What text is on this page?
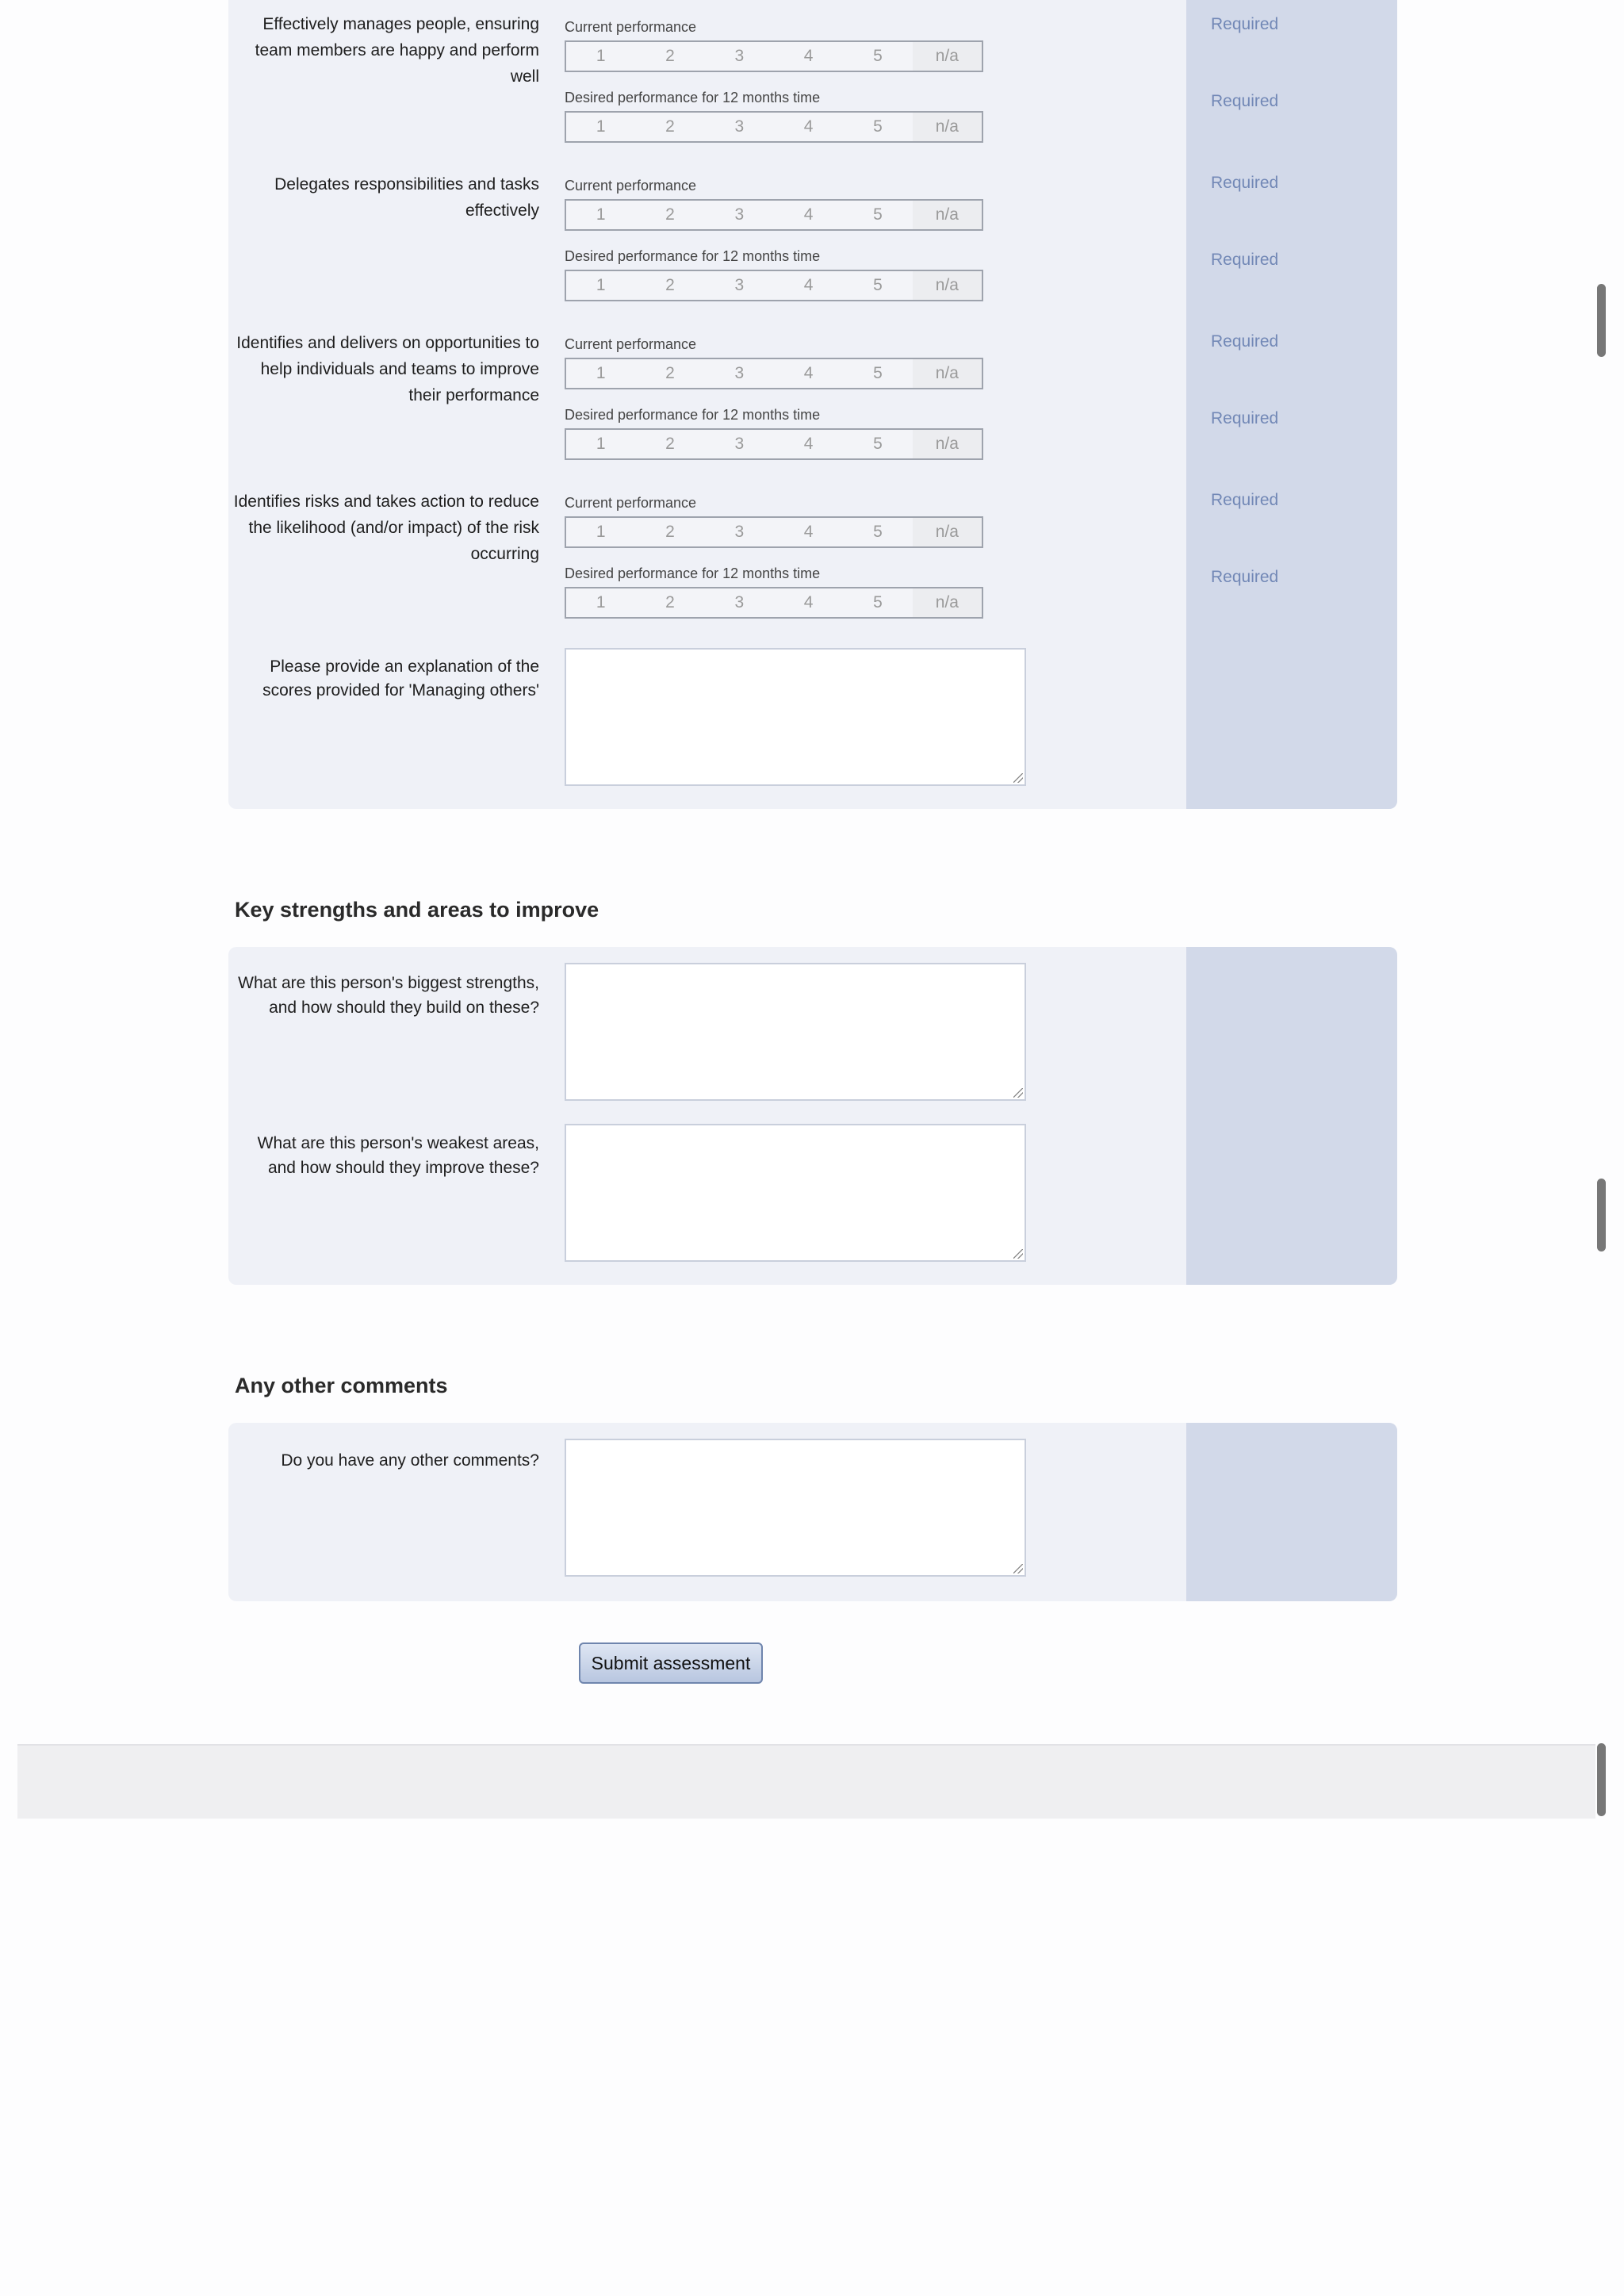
Effectively manages people, ensuring team members are happy and perform well
Current performance
1	2	3	4	5	n/a
Desired performance for 12 months time
1	2	3	4	5	n/a
Required
Required
Delegates responsibilities and tasks effectively
Current performance
1	2	3	4	5	n/a
Desired performance for 12 months time
1	2	3	4	5	n/a
Required
Required
Identifies and delivers on opportunities to help individuals and teams to improve their performance
Current performance
1	2	3	4	5	n/a
Desired performance for 12 months time
1	2	3	4	5	n/a
Required
Required
Identifies risks and takes action to reduce the likelihood (and/or impact) of the risk occurring
Current performance
1	2	3	4	5	n/a
Desired performance for 12 months time
1	2	3	4	5	n/a
Required
Required
Please provide an explanation of the scores provided for 'Managing others'
Key strengths and areas to improve
What are this person's biggest strengths, and how should they build on these?
What are this person's weakest areas, and how should they improve these?
Any other comments
Do you have any other comments?
Submit assessment
